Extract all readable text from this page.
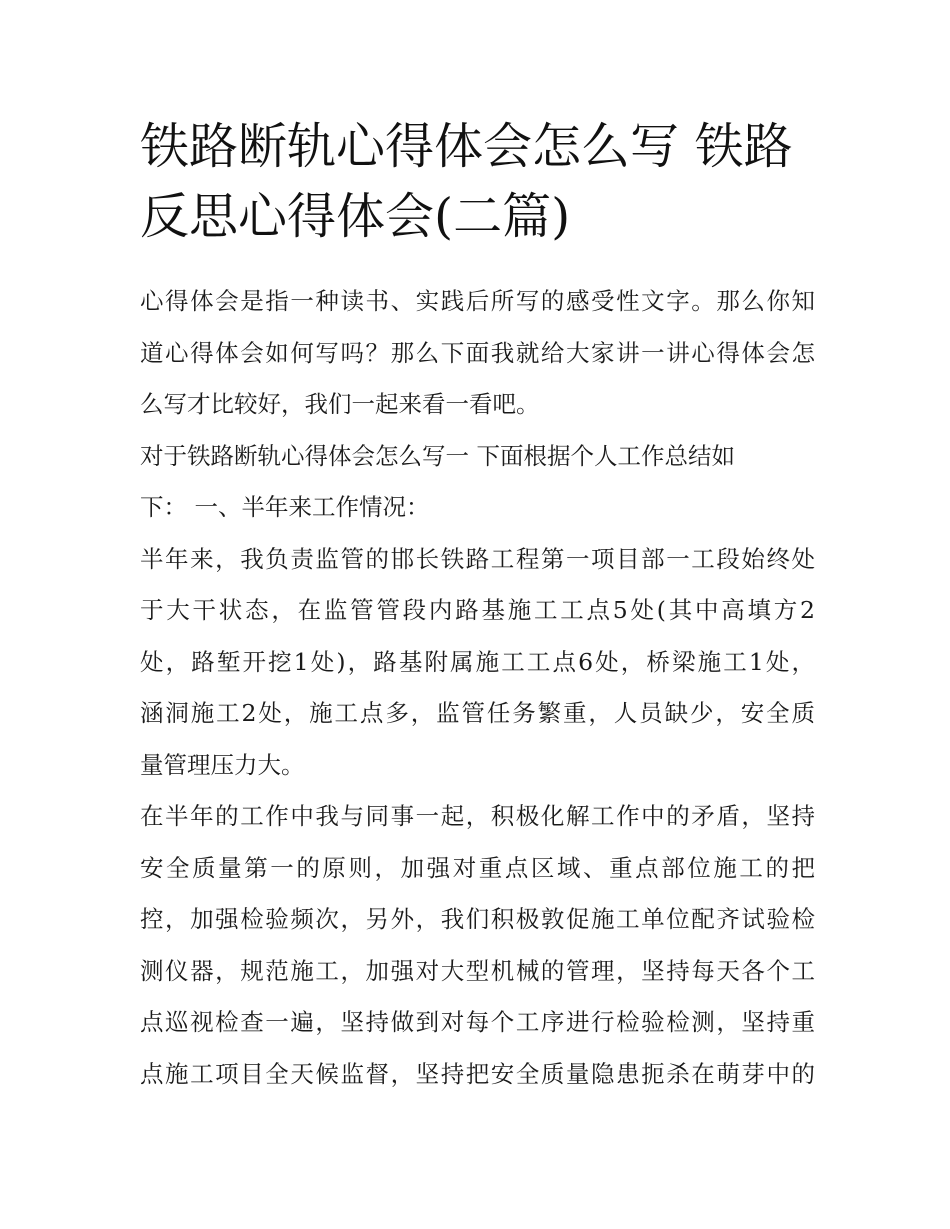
铁路断轨心得体会怎么写 铁路反思心得体会(二篇)
心得体会是指一种读书、实践后所写的感受性文字。那么你知
道心得体会如何写吗？那么下面我就给大家讲一讲心得体会怎
么写才比较好，我们一起来看一看吧。
对于铁路断轨心得体会怎么写一 下面根据个人工作总结如
下： 一、半年来工作情况：
半年来，我负责监管的邯长铁路工程第一项目部一工段始终处
于大干状态，在监管管段内路基施工工点5处(其中高填方2
处，路堑开挖1处)，路基附属施工工点6处，桥梁施工1处，
涵洞施工2处，施工点多，监管任务繁重，人员缺少，安全质
量管理压力大。
在半年的工作中我与同事一起，积极化解工作中的矛盾，坚持
安全质量第一的原则，加强对重点区域、重点部位施工的把
控，加强检验频次，另外，我们积极敦促施工单位配齐试验检
测仪器，规范施工，加强对大型机械的管理，坚持每天各个工
点巡视检查一遍，坚持做到对每个工序进行检验检测，坚持重
点施工项目全天候监督，坚持把安全质量隐患扼杀在萌芽中的
